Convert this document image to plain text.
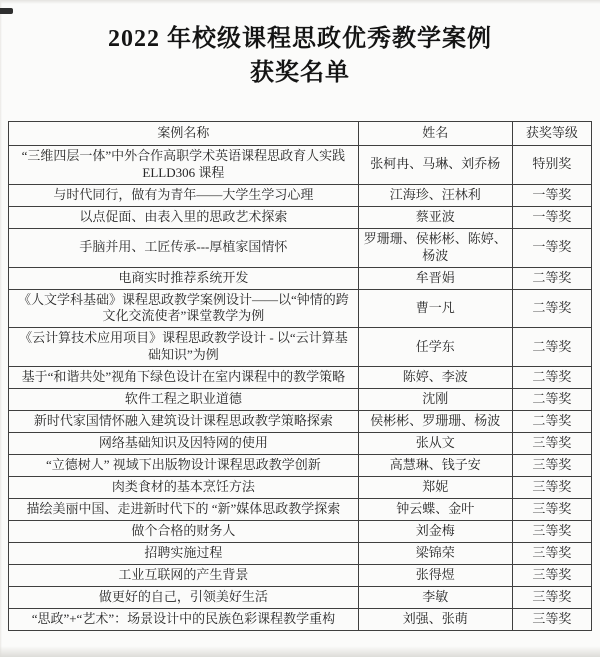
2022 年校级课程思政优秀教学案例
获奖名单
案例名称	姓名	获奖等级
“三维四层一体”中外合作高职学术英语课程思政育人实践 ELLD306 课程	张柯冉、马琳、刘乔杨	特别奖
与时代同行，做有为青年——大学生学习心理	江海珍、汪林利	一等奖
以点促面、由表入里的思政艺术探索	蔡亚波	一等奖
手脑并用、工匠传承---厚植家国情怀	罗珊珊、侯彬彬、陈婷、杨波	一等奖
电商实时推荐系统开发	牟晋娟	二等奖
《人文学科基础》课程思政教学案例设计——以“钟情的跨文化交流使者”课堂教学为例	曹一凡	二等奖
《云计算技术应用项目》课程思政教学设计 - 以“云计算基础知识”为例	任学东	二等奖
基于“和谐共处”视角下绿色设计在室内课程中的教学策略	陈婷、李波	二等奖
软件工程之职业道德	沈刚	二等奖
新时代家国情怀融入建筑设计课程思政教学策略探索	侯彬彬、罗珊珊、杨波	二等奖
网络基础知识及因特网的使用	张从文	三等奖
“立德树人” 视域下出版物设计课程思政教学创新	高慧琳、钱子安	三等奖
肉类食材的基本烹饪方法	郑妮	三等奖
描绘美丽中国、走进新时代下的 “新”媒体思政教学探索	钟云蝶、金叶	三等奖
做个合格的财务人	刘金梅	三等奖
招聘实施过程	梁锦荣	三等奖
工业互联网的产生背景	张得煜	三等奖
做更好的自己，引领美好生活	李敏	三等奖
“思政”+“艺术”：场景设计中的民族色彩课程教学重构	刘强、张萌	三等奖
